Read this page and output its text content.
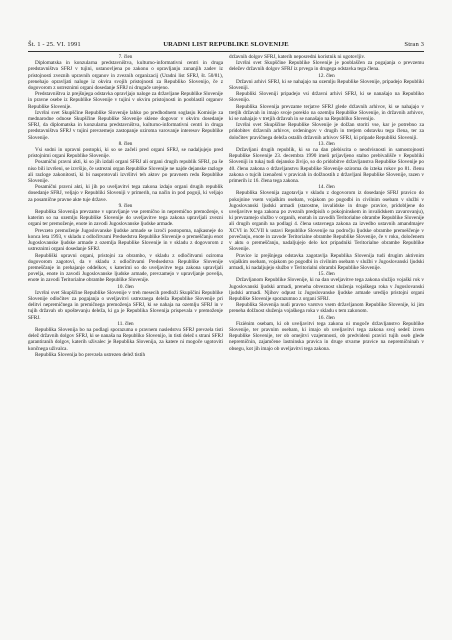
Št. 1 - 25. VI. 1991	URADNI LIST REPUBLIKE SLOVENIJE	Stran 3

7. člen

Diplomatska in konzularna predstavništva, kulturno-informativni centri in druga predstavništva SFRJ v tujini, ustanovljena po zakonu o opravljanju zunanjih zadev iz pristojnosti zveznih upravnih organov in zveznih organizacij (Uradni list SFRJ, št. 50/81), prenehajo opravljati naloge iz okvira svojih pristojnosti za Republiko Slovenijo, če z dogovorom z ustreznimi organi dosedanje SFRJ ni drugače urejeno.

Predstavništva iz prejšnjega odstavka opravljajo naloge za državljane Republike Slovenije in pravne osebe iz Republike Slovenije v tujini v okviru pristojnosti in pooblastil organov Republike Slovenije.

Izvršni svet Skupščine Republike Slovenije lahko po predhodnem soglasju Komisije za mednarodne odnose Skupščine Republike Slovenije sklene dogovor v okviru dosedanje SFRJ, da diplomatska in konzularna predstavništva, kulturno-informativni centri in druga predstavništva SFRJ v tujini prevzemejo zastopanje oziroma varovanje interesov Republike Slovenije.

8. člen

Vsi sodni in upravni postopki, ki so se začeli pred organi SFRJ, se nadaljujejo pred pristojnimi organi Republike Slovenije.

Posamični pravni akti, ki so jih izdali organi SFRJ ali organi drugih republik SFRJ, pa še niso bili izvršeni, se izvršijo, če ustrezni organ Republike Slovenije ne najde dejanske razloge ali razloge zakonitosti, ki bi nasprotovali izvršitvi teh aktov po pravnem redu Republike Slovenije.

Posamični pravni akti, ki jih po uveljavitvi tega zakona izdajo organi drugih republik dosedanje SFRJ, veljajo v Republiki Sloveniji v primerih, na način in pod pogoji, ki veljajo za posamične pravne akte tuje države.

9. člen

Republika Slovenija prevzame v upravljanje vse premično in nepremično premoženje, s katerim so na ozemlju Republike Slovenije do uveljavitve tega zakona upravljali zvezni organi ter premoženje, enote in zavodi Jugoslovanske ljudske armade.

Prevzeto premoženje Jugoslovanske ljudske armade se izroči postopoma, najkasneje do konca leta 1993, v skladu z odločitvami Predsedstva Republike Slovenije o premeščanju enot Jugoslovanske ljudske armade z ozemlja Republike Slovenije in v skladu z dogovorom z ustreznimi organi dosedanje SFRJ.

Republiški upravni organi, pristojni za obrambo, v skladu z odločitvami oziroma dogovorom zagotovi, da v skladu z odločitvami Predsedstva Republike Slovenije premeščanje in prehajanje oddelkov, s katerimi so do uveljavitve tega zakona upravljali povelja, enote in zavodi Jugoslovanske ljudske armade, prevzamejo v upravljanje povelja, enote in zavodi Teritorialne obrambe Republike Slovenije.

10. člen

Izvršni svet Skupščine Republike Slovenije v treh mesecih predloži Skupščini Republike Slovenije odločitev za pogajanja o uveljavitvi ustreznega deleža Republike Slovenije pri delitvi nepremičnega in premičnega premoženja SFRJ, ki se nahaja na ozemlju SFRJ in v tujih državah ob upoštevanju deleža, ki ga je Republika Slovenija prispevala v premoženje SFRJ.

11. člen

Republika Slovenija bo na podlagi sporazuma o pravnem nasledstvu SFRJ prevzela tisti delež državnih dolgov SFRJ, ki se nanaša na Republiko Slovenijo, in tisti delež s strani SFRJ garantiranih dolgov, katerih uživalec je Republika Slovenija, za katere ni mogoče ugotoviti končnega uživalca.

Republika Slovenija bo prevzela ustrezen delež tistih

državnih dolgov SFRJ, katerih neposredni koristnik ni ugotovljiv.

Izvršni svet Skupščine Republike Slovenije je pooblaščen za pogajanja o prevzemu deležev državnih dolgov SFRJ iz prvega in drugega odstavka tega člena.

12. člen

Državni arhivi SFRJ, ki se nahajajo na ozemlju Republike Slovenije, pripadejo Republiki Sloveniji.

Republiki Sloveniji pripadejo vsi državni arhivi SFRJ, ki se nanašajo na Republiko Slovenijo.

Republika Slovenija prevzame terjatve SFRJ glede državnih arhivov, ki se nahajajo v tretjih državah in imajo svoje poreklo na ozemlju Republike Slovenije, in državnih arhivov, ki se nahajajo v tretjih državah in se nanašajo na Republiko Slovenijo.

Izvršni svet Skupščine Republike Slovenije je dolžan storiti vse, kar je potrebno za pridobitev državnih arhivov, ordeningov v drugih in tretjem odstavku tega člena, ter za določitev pravičnega deleža ostalih državnih arhivov SFRJ, ki pripade Republiki Sloveniji.

13. člen

Državljani drugih republik, ki so na dan plebiscita o neodvisnosti in samostojnosti Republike Slovenije 23. decembra 1990 imeli prijavljeno stalno prebivališče v Republiki Sloveniji in tukaj tudi dejansko živijo, so do pridobitve državljanstva Republike Slovenije po 40. členu zakona o državljanstvu Republike Slovenije oziroma do izteka rokov po 81. členu zakona o tujcih izenačeni v pravicah in dolžnostih z državljani Republike Slovenije, razen v primerih iz 16. člena tega zakona.

14. člen

Republika Slovenija zagotavlja v skladu z dogovorom iz dosedanje SFRJ pravico do pokojnine vsem vojaškim osebam, vojakom po pogodbi in civilnim osebam v službi v Jugoslovanski ljudski armadi (starostne, invalidske in druge pravice, pridobljene do uveljavitve tega zakona po zveznih predpisih o pokojninskem in invalidskem zavarovanju), ki prevzamejo službo v organih, enotah in zavodih Teritorialne obrambe Republike Slovenije ali drugih organih na podlagi 4. člena ustavnega zakona za izvedbo ustavnih amandmajev XCVI in XCVII k ustavi Republike Slovenije na področju ljudske obrambe premeščenje v povečanju, enote in zavode Teritorialne obrambe Republike Slovenije, če v roku, določenem v aktu o premeščanju, nadaljujejo delo kot pripadniki Teritorialne obrambe Republike Slovenije.

Pravice iz prejšnjega odstavka zagotavlja Republika Slovenija tudi drugim aktivnim vojaškim osebam, vojakom po pogodbi in civilnim osebam v službi v Jugoslovanski ljudski armadi, ki nadaljujejo službo v Teritorialni obrambi Republike Slovenije.

15. člen

Državljanom Republike Slovenije, ki na dan uveljavitve tega zakona služijo vojaški rok v Jugoslovanski ljudski armadi, preneha obveznost služenja vojaškega roka v Jugoslovanski ljudski armadi. Njihov odpust iz Jugoslovanske ljudske armade uredijo pristojni organi Republike Slovenije sporazumno z organi SFRJ.

Republika Slovenija nudi pravno varstvo vsem državljanom Republike Slovenije, ki jim preneha dolžnost služenja vojaškega roka v skladu s tem zakonom.

16. člen

Fiziènim osebam, ki ob uveljavitvi tega zakona ni mogoče državljanstvo Republike Slovenije, ter pravnim osebam, ki imajo ob uveljavitvi tega zakona svoj sedež izven Republike Slovenije, ter ob omejitvi vzajemnosti, ob predvideni pravici tujih oseb glede nepremičnin, zajamčene lastninska pravica in druge stvarne pravice na nepremičninah v obsegu, kot jih imajo ob uveljavitvi tega zakona.
